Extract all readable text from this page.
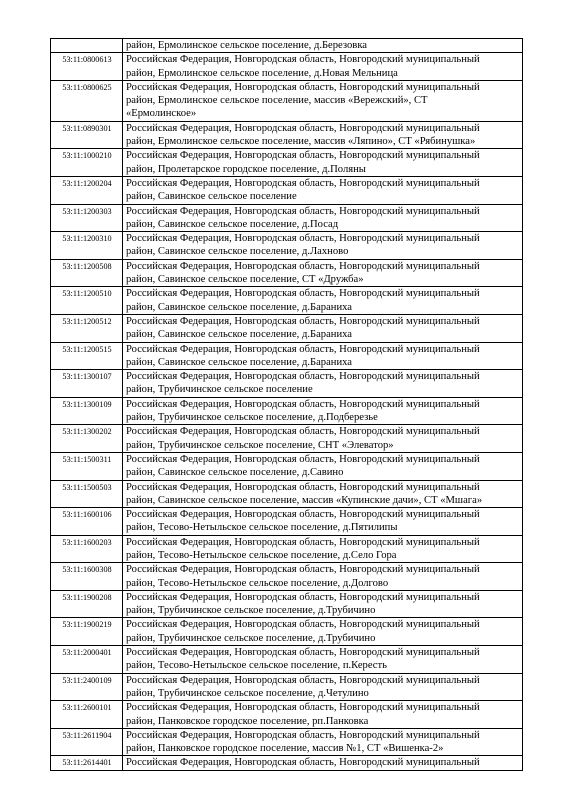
	район, Ермолинское сельское поселение, д.Березовка

53:11:0800613	Российская Федерация, Новгородская область, Новгородский муниципальный
район, Ермолинское сельское поселение, д.Новая Мельница

53:11:0800625	Российская Федерация, Новгородская область, Новгородский муниципальный
район, Ермолинское сельское поселение, массив «Вережский», СТ
«Ермолинское»

53:11:0890301	Российская Федерация, Новгородская область, Новгородский муниципальный
район, Ермолинское сельское поселение, массив «Ляпино», СТ «Рябинушка»

53:11:1000210	Российская Федерация, Новгородская область, Новгородский муниципальный
район, Пролетарское городское поселение, д.Поляны

53:11:1200204	Российская Федерация, Новгородская область, Новгородский муниципальный
район, Савинское сельское поселение

53:11:1200303	Российская Федерация, Новгородская область, Новгородский муниципальный
район, Савинское сельское поселение, д.Посад

53:11:1200310	Российская Федерация, Новгородская область, Новгородский муниципальный
район, Савинское сельское поселение, д.Лахново

53:11:1200508	Российская Федерация, Новгородская область, Новгородский муниципальный
район, Савинское сельское поселение, СТ «Дружба»

53:11:1200510	Российская Федерация, Новгородская область, Новгородский муниципальный
район, Савинское сельское поселение, д.Бараниха

53:11:1200512	Российская Федерация, Новгородская область, Новгородский муниципальный
район, Савинское сельское поселение, д.Бараниха

53:11:1200515	Российская Федерация, Новгородская область, Новгородский муниципальный
район, Савинское сельское поселение, д.Бараниха

53:11:1300107	Российская Федерация, Новгородская область, Новгородский муниципальный
район, Трубичинское сельское поселение

53:11:1300109	Российская Федерация, Новгородская область, Новгородский муниципальный
район, Трубичинское сельское поселение, д.Подберезье

53:11:1300202	Российская Федерация, Новгородская область, Новгородский муниципальный
район, Трубичинское сельское поселение, СНТ «Элеватор»

53:11:1500311	Российская Федерация, Новгородская область, Новгородский муниципальный
район, Савинское сельское поселение, д.Савино

53:11:1500503	Российская Федерация, Новгородская область, Новгородский муниципальный
район, Савинское сельское поселение, массив «Купинские дачи», СТ «Мшага»

53:11:1600106	Российская Федерация, Новгородская область, Новгородский муниципальный
район, Тесово-Нетыльское сельское поселение, д.Пятилипы

53:11:1600203	Российская Федерация, Новгородская область, Новгородский муниципальный
район, Тесово-Нетыльское сельское поселение, д.Село Гора

53:11:1600308	Российская Федерация, Новгородская область, Новгородский муниципальный
район, Тесово-Нетыльское сельское поселение, д.Долгово

53:11:1900208	Российская Федерация, Новгородская область, Новгородский муниципальный
район, Трубичинское сельское поселение, д.Трубичино

53:11:1900219	Российская Федерация, Новгородская область, Новгородский муниципальный
район, Трубичинское сельское поселение, д.Трубичино

53:11:2000401	Российская Федерация, Новгородская область, Новгородский муниципальный
район, Тесово-Нетыльское сельское поселение, п.Кересть

53:11:2400109	Российская Федерация, Новгородская область, Новгородский муниципальный
район, Трубичинское сельское поселение, д.Четулино

53:11:2600101	Российская Федерация, Новгородская область, Новгородский муниципальный
район, Панковское городское поселение, рп.Панковка

53:11:2611904	Российская Федерация, Новгородская область, Новгородский муниципальный
район, Панковское городское поселение, массив №1, СТ «Вишенка-2»

53:11:2614401	Российская Федерация, Новгородская область, Новгородский муниципальный
